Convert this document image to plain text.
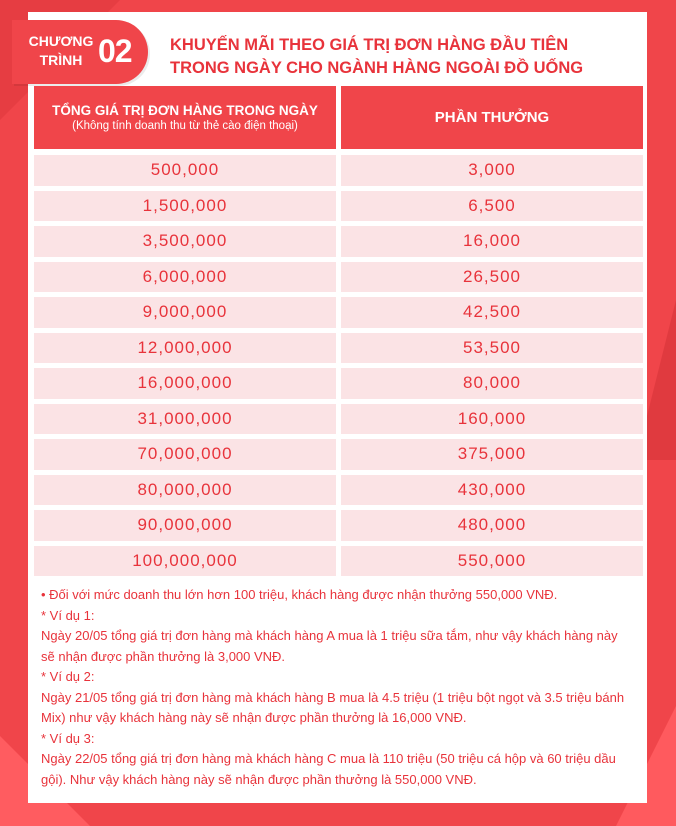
CHƯƠNG TRÌNH 02 KHUYẾN MÃI THEO GIÁ TRỊ ĐƠN HÀNG ĐẦU TIÊN
TRONG NGÀY CHO NGÀNH HÀNG NGOÀI ĐỒ UỐNG
TỔNG GIÁ TRỊ ĐƠN HÀNG TRONG NGÀY
(Không tính doanh thu từ thẻ cào điện thoại)	PHẦN THƯỞNG
500,000	3,000
1,500,000	6,500
3,500,000	16,000
6,000,000	26,500
9,000,000	42,500
12,000,000	53,500
16,000,000	80,000
31,000,000	160,000
70,000,000	375,000
80,000,000	430,000
90,000,000	480,000
100,000,000	550,000
• Đối với mức doanh thu lớn hơn 100 triệu, khách hàng được nhận thưởng 550,000 VNĐ.
* Ví dụ 1:
Ngày 20/05 tổng giá trị đơn hàng mà khách hàng A mua là 1 triệu sữa tắm, như vậy khách hàng này sẽ nhận được phần thưởng là 3,000 VNĐ.
* Ví dụ 2:
Ngày 21/05 tổng giá trị đơn hàng mà khách hàng B mua là 4.5 triệu (1 triệu bột ngọt và 3.5 triệu bánh Mix) như vậy khách hàng này sẽ nhận được phần thưởng là 16,000 VNĐ.
* Ví dụ 3:
Ngày 22/05 tổng giá trị đơn hàng mà khách hàng C mua là 110 triệu (50 triệu cá hộp và 60 triệu dầu gội). Như vậy khách hàng này sẽ nhận được phần thưởng là 550,000 VNĐ.
